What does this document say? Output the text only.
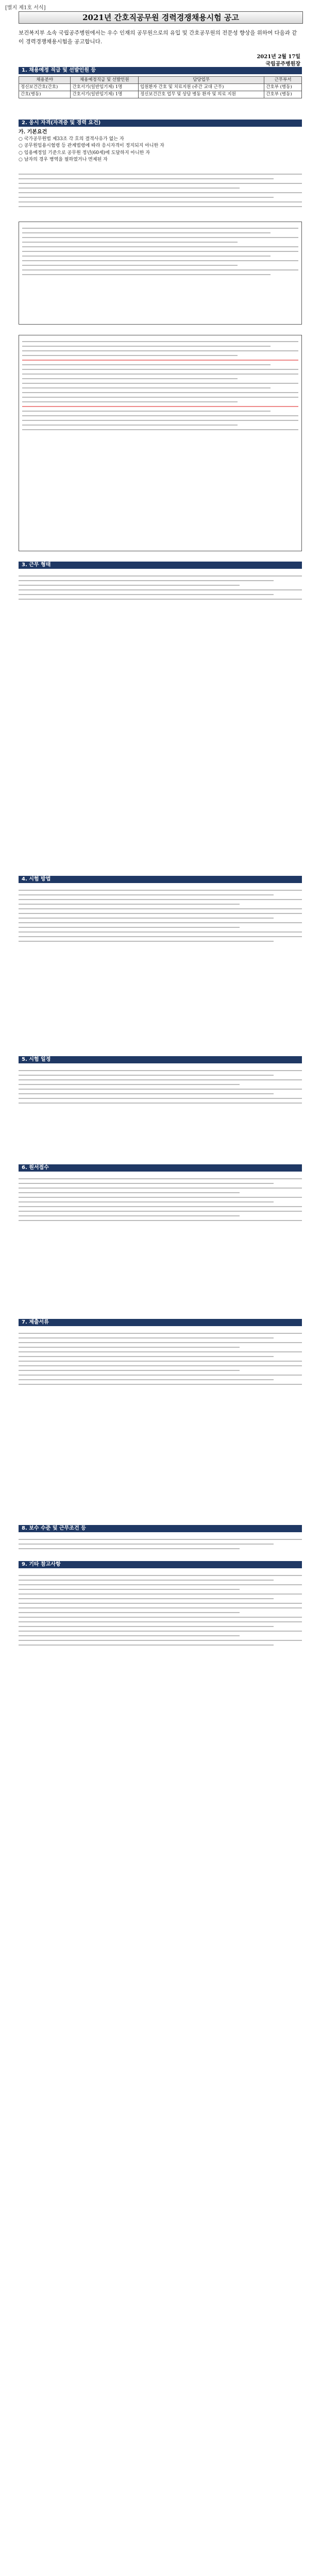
[별지 제1호 서식]
2021년 간호직공무원 경력경쟁채용시험 공고
보건복지부 소속 국립공주병원에서는 우수 인재의 공무원으로의 유입 및 간호공무원의 전문성 향상을 위하여 다음과 같이 경력경쟁채용시험을 공고합니다.
2021년 2월 17일
국립공주병원장
1. 채용예정 직급 및 선발인원 등
채용분야	채용예정직급 및 선발인원	담당업무	근무부서
정신보건간호(간호)	간호서기(일반임기제) 1명	입원환자 간호 및 치료지원 (주간 교대 근무)	간호부 (병동)
간호(병동)	간호서기(일반임기제) 1명	정신보건간호 업무 및 상담 병동 환자 및 의료 지원	간호부 (병동)
2. 응시 자격(자격증 및 경력 요건)

가. 기본요건

○ 국가공무원법 제33조 각 호의 결격사유가 없는 자

○ 공무원임용시험령 등 관계법령에 따라 응시자격이 정지되지 아니한 자

○ 임용예정일 기준으로 공무원 정년(60세)에 도달하지 아니한 자

○ 남자의 경우 병역을 필하였거나 면제된 자

3. 근무 형태
4. 시험 방법
5. 시험 일정
6. 원서접수
7. 제출서류
8. 보수 수준 및 근무조건 등
9. 기타 참고사항
